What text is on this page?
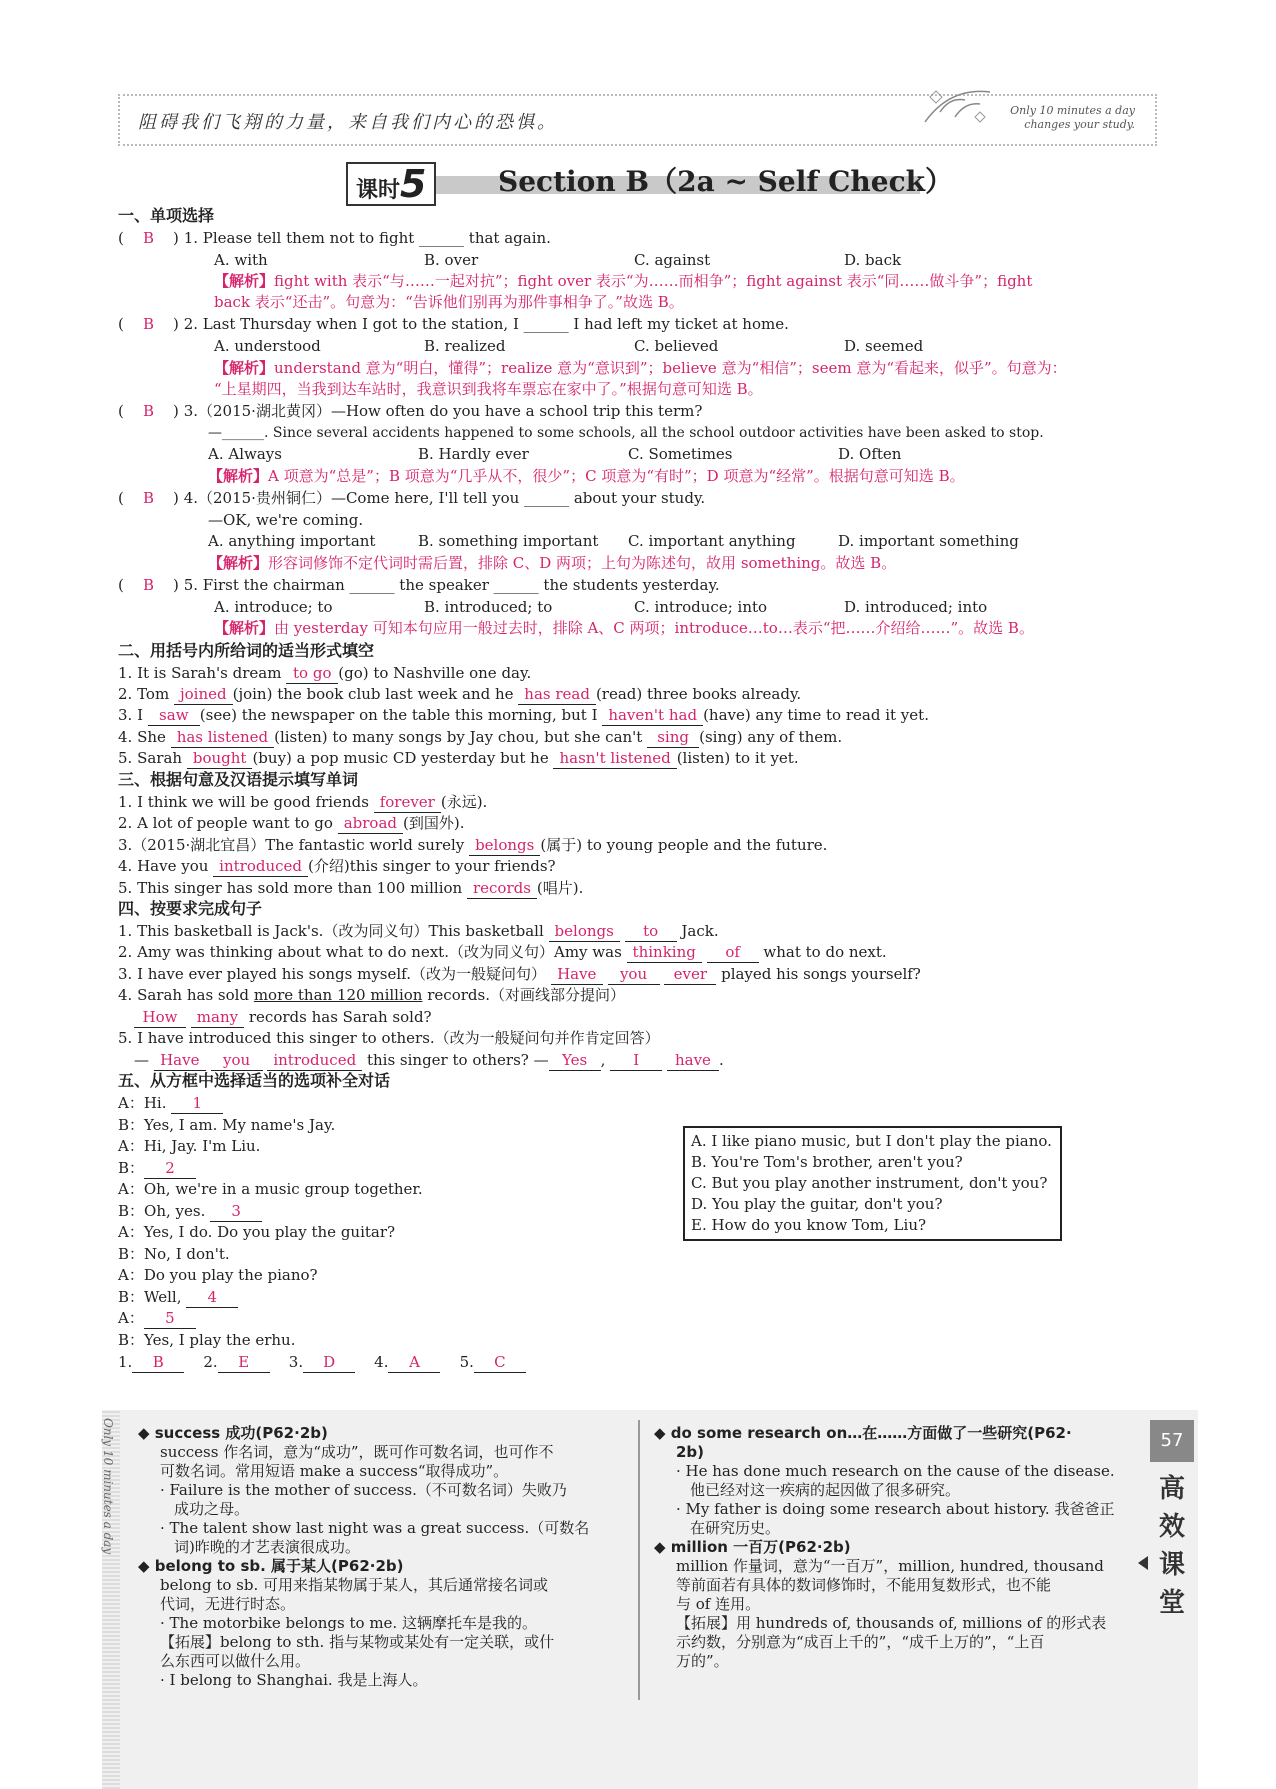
阻碍我们飞翔的力量，来自我们内心的恐惧。
Only 10 minutes a day
changes your study.
课时5	Section B（2a ~ Self Check）
一、单项选择
( B ) 1. Please tell them not to fight ______ that again.
A. with	B. over	C. against	D. back
【解析】fight with 表示“与……一起对抗”；fight over 表示“为……而相争”；fight against 表示“同……做斗争”；fight
back 表示“还击”。句意为：“告诉他们别再为那件事相争了。”故选 B。
( B ) 2. Last Thursday when I got to the station, I ______ I had left my ticket at home.
A. understood	B. realized	C. believed	D. seemed
【解析】understand 意为“明白，懂得”；realize 意为“意识到”；believe 意为“相信”；seem 意为“看起来，似乎”。句意为：
“上星期四，当我到达车站时，我意识到我将车票忘在家中了。”根据句意可知选 B。
( B ) 3.（2015·湖北黄冈）—How often do you have a school trip this term?
—______. Since several accidents happened to some schools, all the school outdoor activities have been asked to stop.
A. Always	B. Hardly ever	C. Sometimes	D. Often
【解析】A 项意为“总是”；B 项意为“几乎从不，很少”；C 项意为“有时”；D 项意为“经常”。根据句意可知选 B。
( B ) 4.（2015·贵州铜仁）—Come here, I'll tell you ______ about your study.
—OK, we're coming.
A. anything important	B. something important C. important anything	D. important something
【解析】形容词修饰不定代词时需后置，排除 C、D 两项；上句为陈述句，故用 something。故选 B。
( B ) 5. First the chairman ______ the speaker ______ the students yesterday.
A. introduce; to	B. introduced; to	C. introduce; into	D. introduced; into
【解析】由 yesterday 可知本句应用一般过去时，排除 A、C 两项；introduce…to…表示“把……介绍给……”。故选 B。
二、用括号内所给词的适当形式填空
1. It is Sarah's dream to go (go) to Nashville one day.
2. Tom joined (join) the book club last week and he has read (read) three books already.
3. I saw (see) the newspaper on the table this morning, but I haven't had (have) any time to read it yet.
4. She has listened (listen) to many songs by Jay chou, but she can't sing (sing) any of them.
5. Sarah bought (buy) a pop music CD yesterday but he hasn't listened (listen) to it yet.
三、根据句意及汉语提示填写单词
1. I think we will be good friends forever (永远).
2. A lot of people want to go abroad (到国外).
3.（2015·湖北宜昌）The fantastic world surely belongs (属于) to young people and the future.
4. Have you introduced (介绍)this singer to your friends?
5. This singer has sold more than 100 million records (唱片).
四、按要求完成句子
1. This basketball is Jack's.（改为同义句）This basketball belongs to Jack.
2. Amy was thinking about what to do next.（改为同义句）Amy was thinking of what to do next.
3. I have ever played his songs myself.（改为一般疑问句） Have you ever played his songs yourself?
4. Sarah has sold more than 120 million records.（对画线部分提问）
How many records has Sarah sold?
5. I have introduced this singer to others.（改为一般疑问句并作肯定回答）
— Have you introduced this singer to others? — Yes , I have .
五、从方框中选择适当的选项补全对话
A：Hi. 1
B：Yes, I am. My name's Jay.
A：Hi, Jay. I'm Liu.
B： 2
A：Oh, we're in a music group together.
B：Oh, yes. 3
A：Yes, I do. Do you play the guitar?
B：No, I don't.
A：Do you play the piano?
B：Well, 4
A： 5
B：Yes, I play the erhu.
1. B	2. E	3. D	4. A	5. C
A. I like piano music, but I don't play the piano.
B. You're Tom's brother, aren't you?
C. But you play another instrument, don't you?
D. You play the guitar, don't you?
E. How do you know Tom, Liu?
Only 10 minutes a day ◆ success 成功(P62·2b)
success 作名词，意为“成功”，既可作可数名词，也可作不
可数名词。常用短语 make a success“取得成功”。
· Failure is the mother of success.（不可数名词）失败乃
成功之母。
· The talent show last night was a great success.（可数名
词)昨晚的才艺表演很成功。
◆ belong to sb. 属于某人(P62·2b)
belong to sb. 可用来指某物属于某人，其后通常接名词或
代词，无进行时态。
· The motorbike belongs to me. 这辆摩托车是我的。
【拓展】belong to sth. 指与某物或某处有一定关联，或什
么东西可以做什么用。
· I belong to Shanghai. 我是上海人。
◆ do some research on…在……方面做了一些研究(P62·
2b)
· He has done much research on the cause of the disease.
他已经对这一疾病的起因做了很多研究。
· My father is doing some research about history. 我爸爸正
在研究历史。
◆ million 一百万(P62·2b)
million 作量词，意为“一百万”，million, hundred, thousand
等前面若有具体的数词修饰时，不能用复数形式，也不能
与 of 连用。
【拓展】用 hundreds of, thousands of, millions of 的形式表
示约数，分别意为“成百上千的”，“成千上万的”，“上百
万的”。
57
高
效
课
堂
